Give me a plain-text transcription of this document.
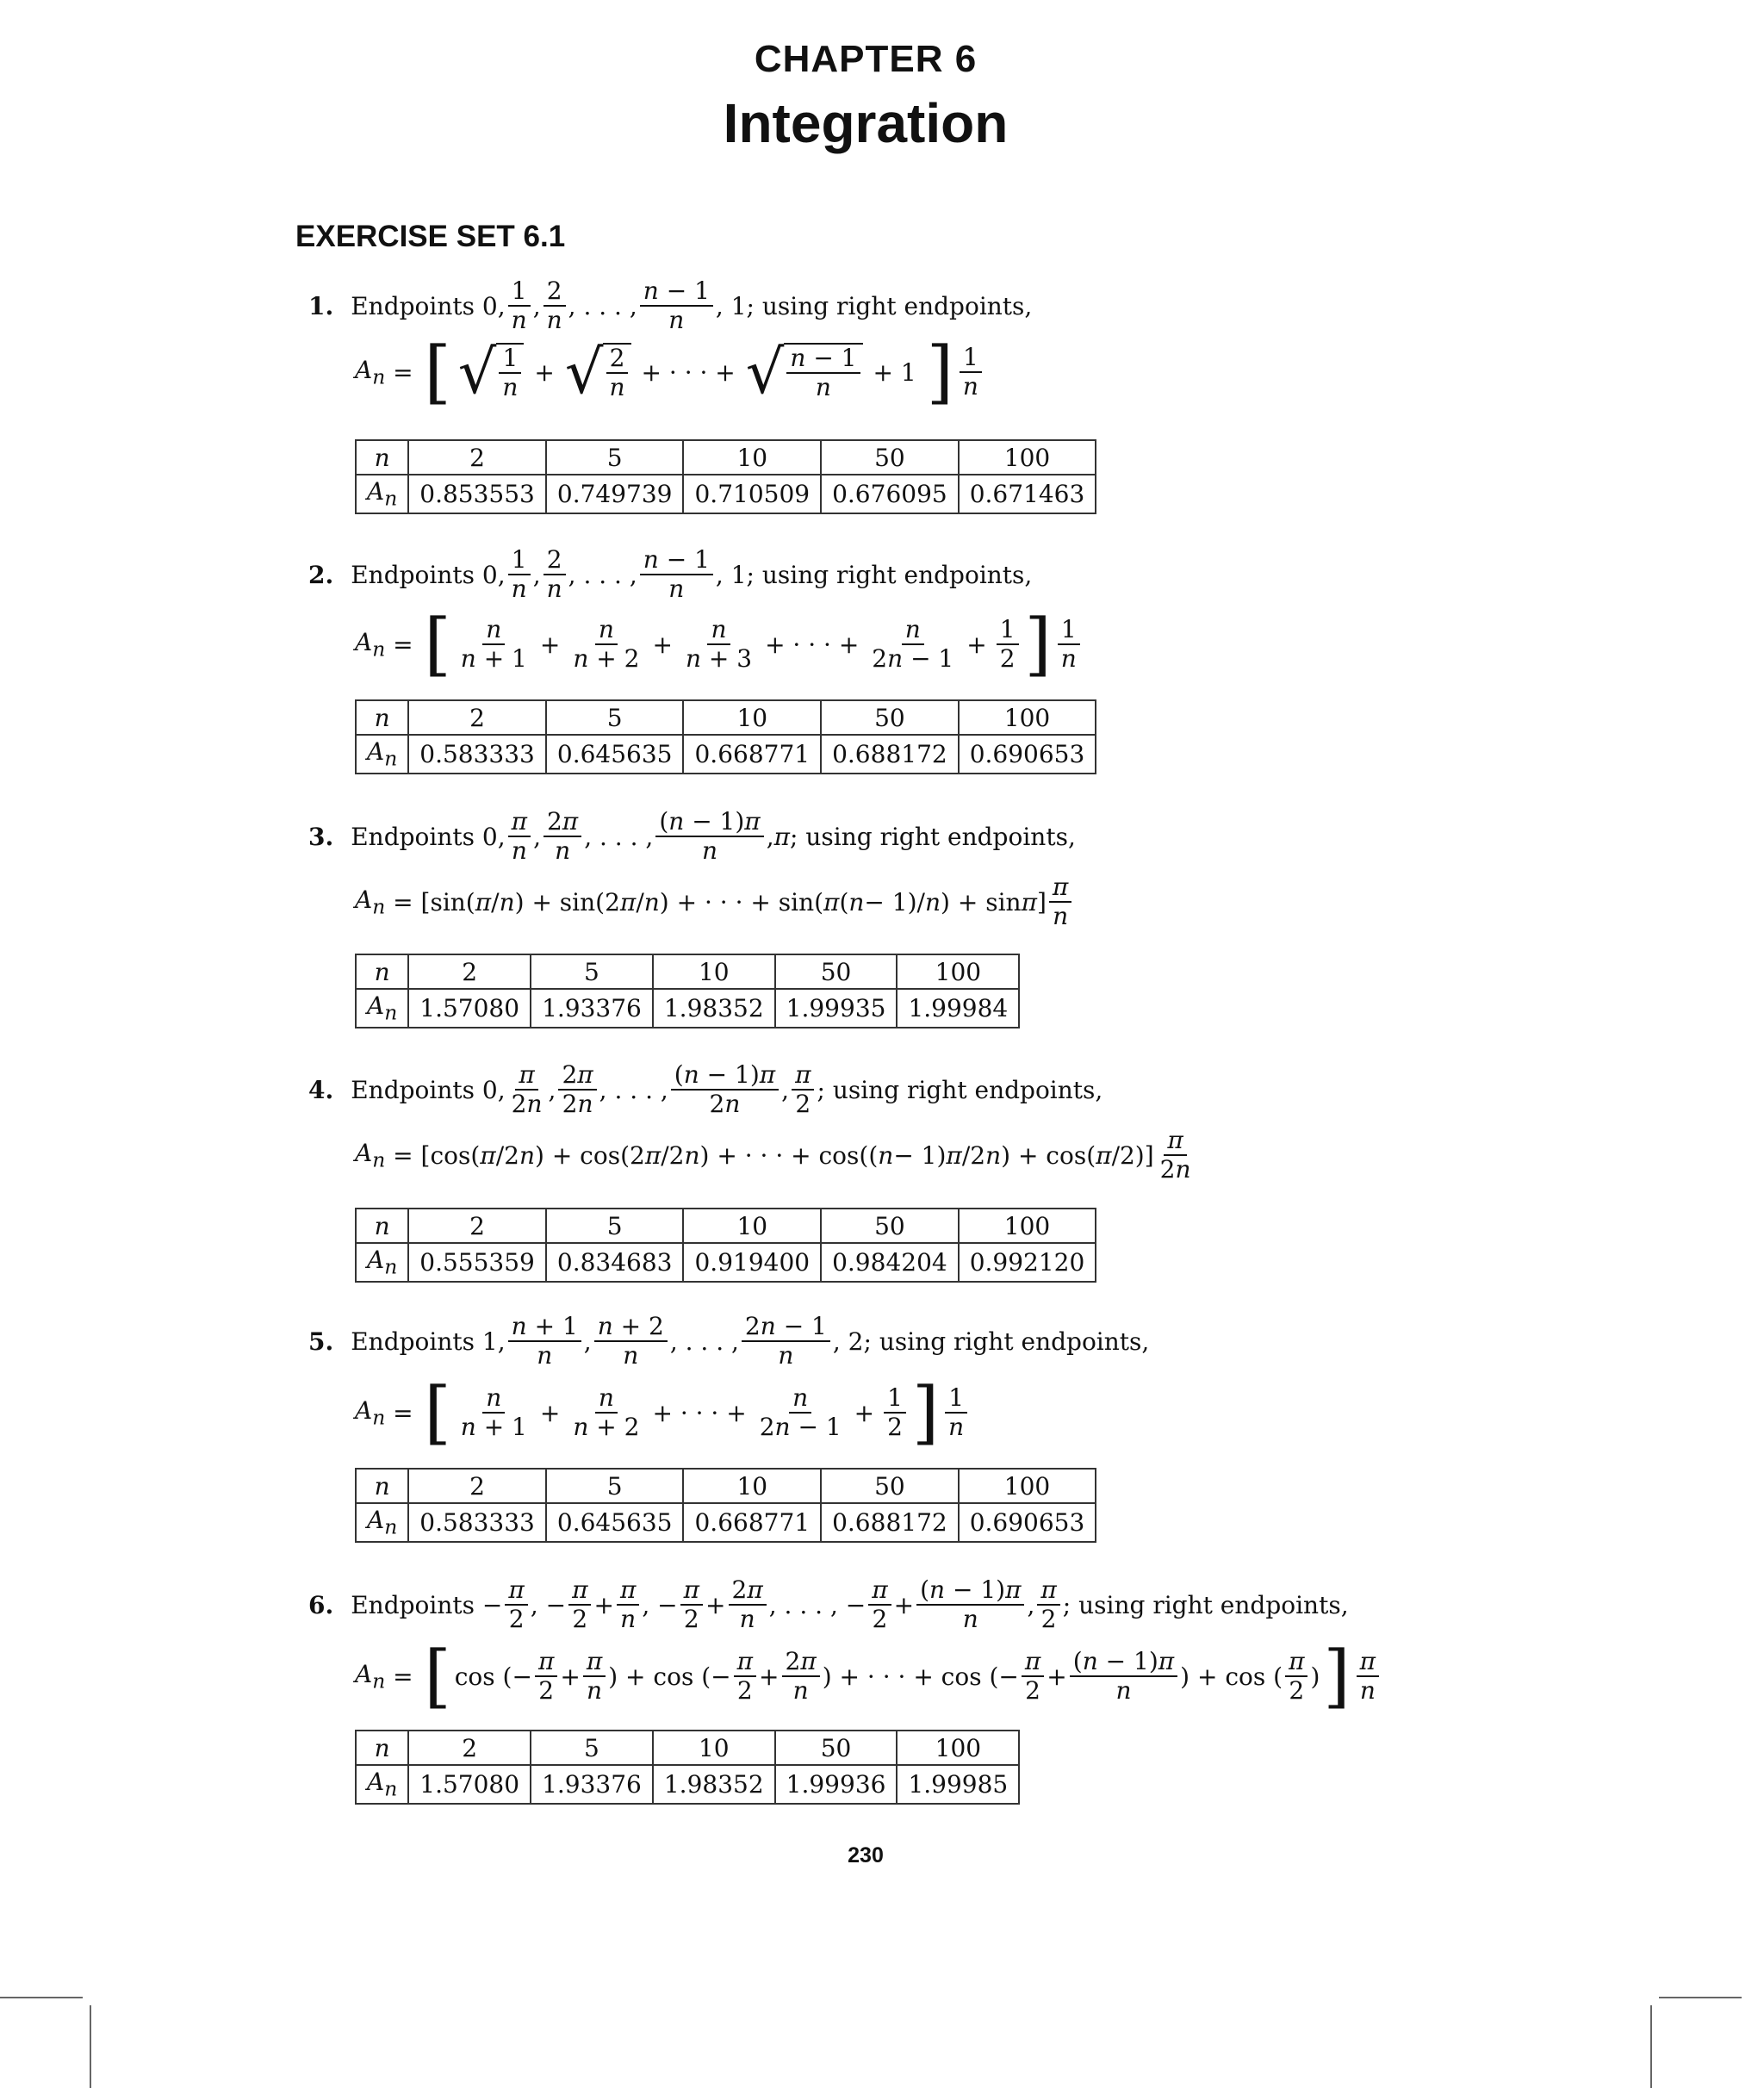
CHAPTER 6
Integration
EXERCISE SET 6.1
1. Endpoints 0, $\frac{1}{n}$ , $\frac{2}{n}$ , . . . , $\frac{n - 1}{n}$ , 1; using right endpoints,
$A_n$ = [ √ $\frac{1}{n}$ + √ $\frac{2}{n}$ + · · · + √ $\frac{n - 1}{n} + 1$ ] $\frac{1}{n}$
n	2	5	10	50	100
$A_n$	0.853553	0.749739	0.710509	0.676095	0.671463
2. Endpoints 0, $\frac{1}{n}$ , $\frac{2}{n}$ , . . . , $\frac{n - 1}{n}$ , 1; using right endpoints,
$A_n$ = [ $\frac{n}{n + 1} + \frac{n}{n + 2} + \frac{n}{n + 3}$ + · · · + $\frac{n}{2n - 1} + \frac{1}{2}$ ] $\frac{1}{n}$
n	2	5	10	50	100
$A_n$	0.583333	0.645635	0.668771	0.688172	0.690653
3. Endpoints 0, $\frac{\pi}{n}$ , $\frac{2\pi}{n}$ , . . . , $\frac{(n - 1)\pi}{n}$ , π ; using right endpoints,
$A_n = [\sin$( π / n ) + sin(2 π / n ) + · · · + sin( π ( n − 1)/ n ) + sin π ] $\frac{\pi}{n}$
n	2	5	10	50	100
$A_n$	1.57080	1.93376	1.98352	1.99935	1.99984
4. Endpoints 0, $\frac{\pi}{2n}$ , $\frac{2\pi}{2n}$ , . . . , $\frac{(n - 1)\pi}{2n}$ , $\frac{\pi}{2}$ ; using right endpoints,
$A_n = [\cos$( π /2 n ) + cos(2 π /2 n ) + · · · + cos(( n − 1) π /2 n ) + cos( π $/2)] \frac{\pi}{2n}$
n	2	5	10	50	100
$A_n$	0.555359	0.834683	0.919400	0.984204	0.992120
5. Endpoints 1, $\frac{n + 1}{n}$ , $\frac{n + 2}{n}$ , . . . , $\frac{2n - 1}{n}$ , 2; using right endpoints,
$A_n$ = [ $\frac{n}{n + 1} + \frac{n}{n + 2}$ + · · · + $\frac{n}{2n - 1} + \frac{1}{2}$ ] $\frac{1}{n}$
n	2	5	10	50	100
$A_n$	0.583333	0.645635	0.668771	0.688172	0.690653
6. Endpoints − $\frac{\pi}{2}$ , − $\frac{\pi}{2} + \frac{\pi}{n}$ , − $\frac{\pi}{2} + \frac{2\pi}{n}$ , . . . , − $\frac{\pi}{2} + \frac{(n - 1)\pi}{n}$ , $\frac{\pi}{2}$ ; using right endpoints,
$A_n$ = [ cos (− $\frac{\pi}{2} + \frac{\pi}{n}$ ) + cos (− $\frac{\pi}{2} + \frac{2\pi}{n}$ ) + · · · + cos (− $\frac{\pi}{2} + \frac{(n - 1)\pi}{n}$ ) + cos ( $\frac{\pi}{2}$ ) ] $\frac{\pi}{n}$
n	2	5	10	50	100
$A_n$	1.57080	1.93376	1.98352	1.99936	1.99985
230
